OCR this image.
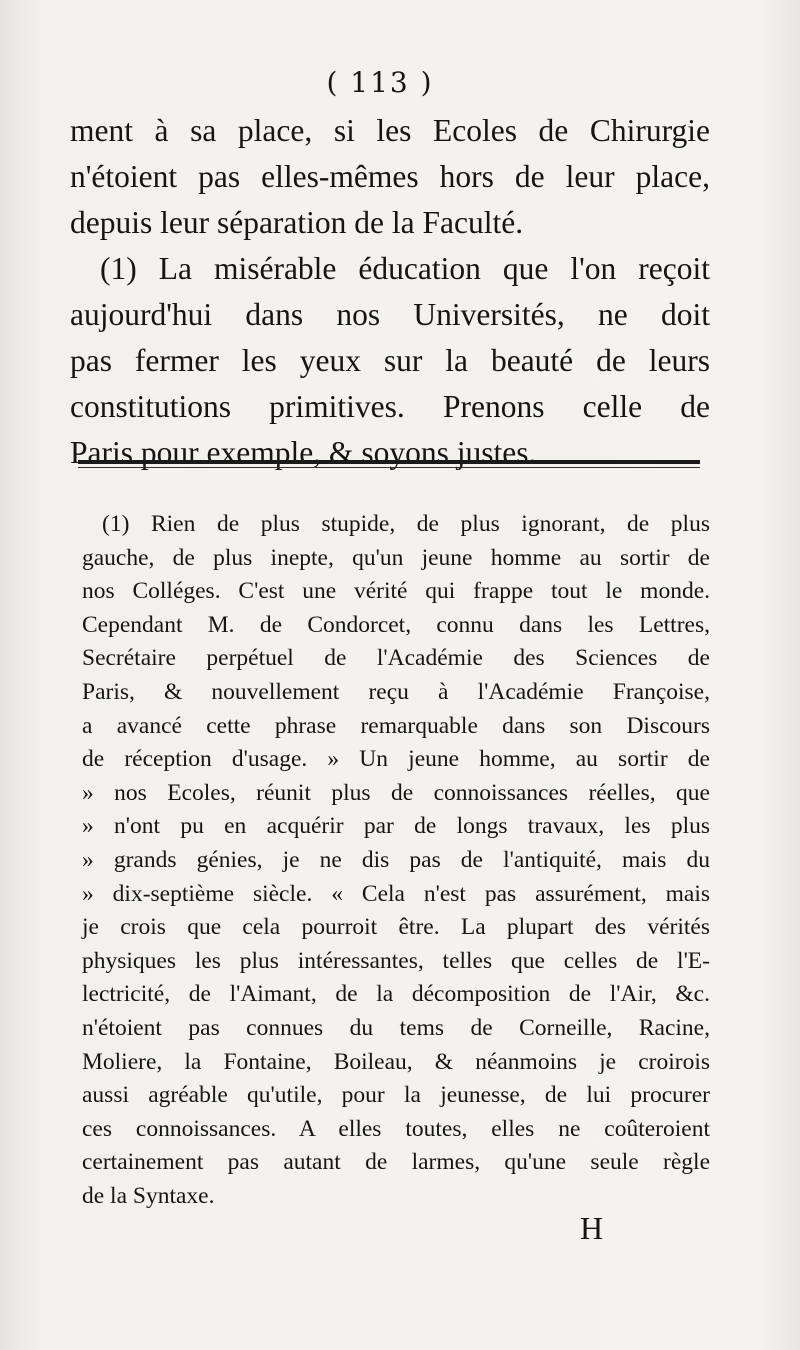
( 113 )
ment à sa place, si les Ecoles de Chirurgie
n'étoient pas elles-mêmes hors de leur place,
depuis leur séparation de la Faculté.
(1) La misérable éducation que l'on reçoit
aujourd'hui dans nos Universités, ne doit
pas fermer les yeux sur la beauté de leurs
constitutions primitives. Prenons celle de
Paris pour exemple, & soyons justes.
(1) Rien de plus stupide, de plus ignorant, de plus
gauche, de plus inepte, qu'un jeune homme au sortir de
nos Colléges. C'est une vérité qui frappe tout le monde.
Cependant M. de Condorcet, connu dans les Lettres,
Secrétaire perpétuel de l'Académie des Sciences de
Paris, & nouvellement reçu à l'Académie Françoise,
a avancé cette phrase remarquable dans son Discours
de réception d'usage. » Un jeune homme, au sortir de
» nos Ecoles, réunit plus de connoissances réelles, que
» n'ont pu en acquérir par de longs travaux, les plus
» grands génies, je ne dis pas de l'antiquité, mais du
» dix-septième siècle. « Cela n'est pas assurément, mais
je crois que cela pourroit être. La plupart des vérités
physiques les plus intéressantes, telles que celles de l'E-
lectricité, de l'Aimant, de la décomposition de l'Air, &c.
n'étoient pas connues du tems de Corneille, Racine,
Moliere, la Fontaine, Boileau, & néanmoins je croirois
aussi agréable qu'utile, pour la jeunesse, de lui procurer
ces connoissances. A elles toutes, elles ne coûteroient
certainement pas autant de larmes, qu'une seule règle
de la Syntaxe.
H
